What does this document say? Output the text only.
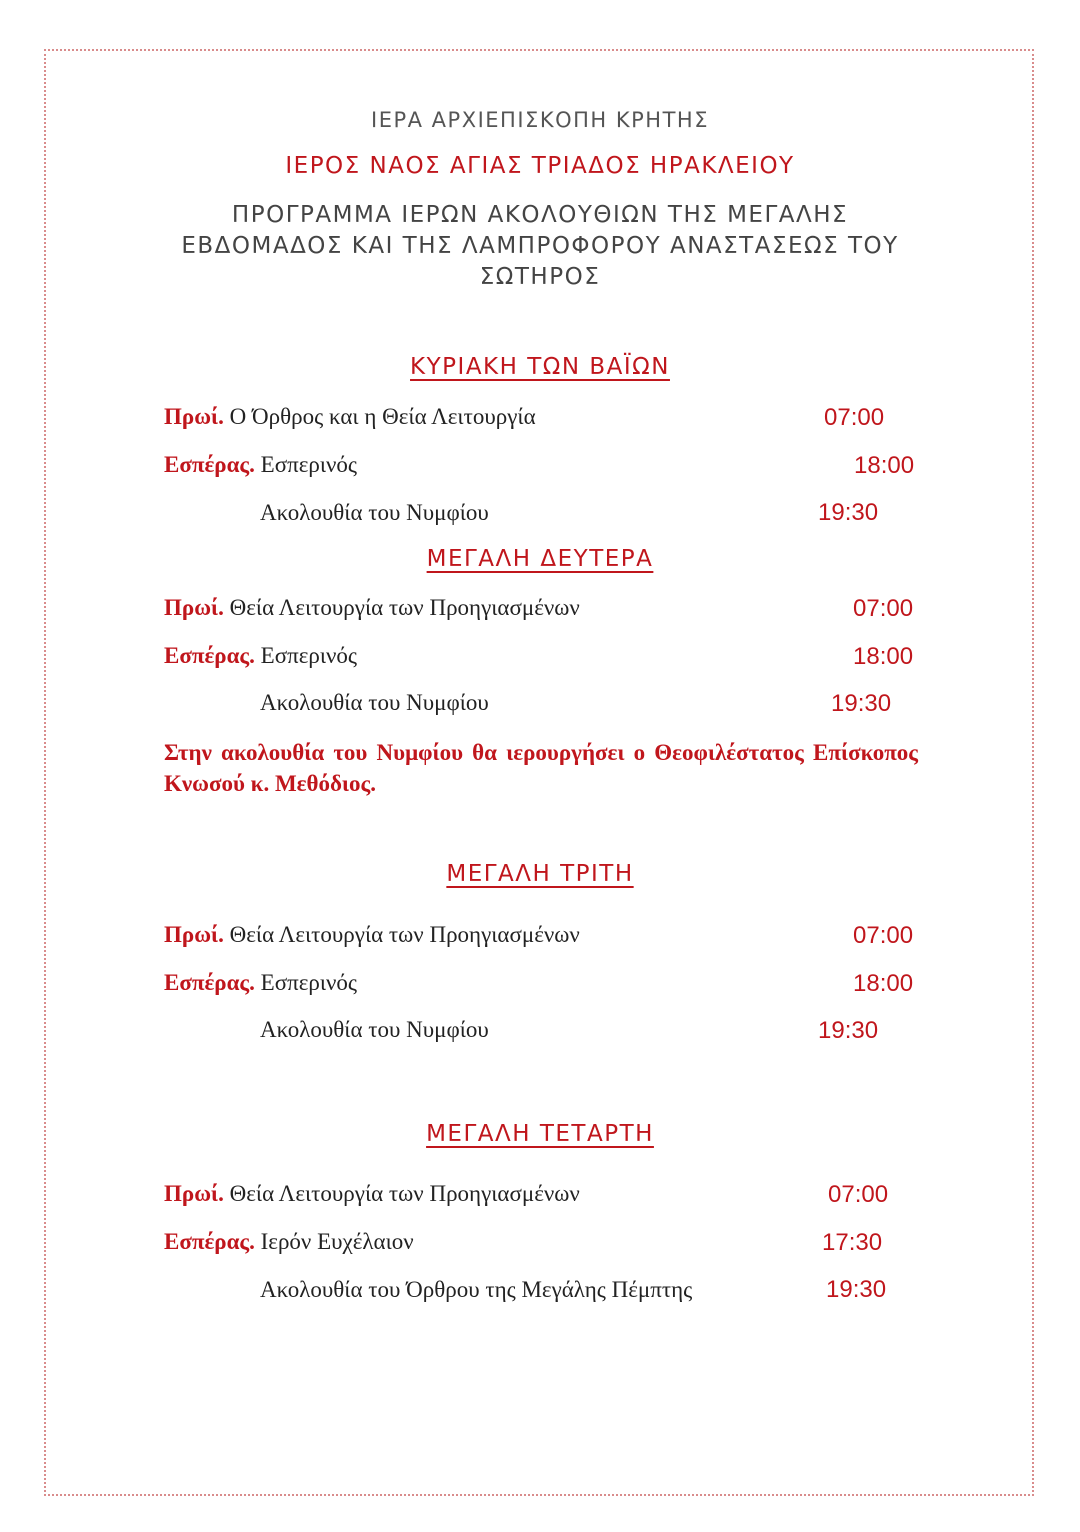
ΙΕΡΑ ΑΡΧΙΕΠΙΣΚΟΠΗ ΚΡΗΤΗΣ
ΙΕΡΟΣ ΝΑΟΣ ΑΓΙΑΣ ΤΡΙΑΔΟΣ ΗΡΑΚΛΕΙΟΥ
ΠΡΟΓΡΑΜΜΑ ΙΕΡΩΝ ΑΚΟΛΟΥΘΙΩΝ ΤΗΣ ΜΕΓΑΛΗΣ
ΕΒΔΟΜΑΔΟΣ ΚΑΙ ΤΗΣ ΛΑΜΠΡΟΦΟΡΟΥ ΑΝΑΣΤΑΣΕΩΣ ΤΟΥ
ΣΩΤΗΡΟΣ
ΚΥΡΙΑΚΗ ΤΩΝ ΒΑΪΩΝ
Πρωί. Ο Όρθρος και η Θεία Λειτουργία	07:00
Εσπέρας. Εσπερινός	18:00
Ακολουθία του Νυμφίου	19:30
ΜΕΓΑΛΗ ΔΕΥΤΕΡΑ
Πρωί. Θεία Λειτουργία των Προηγιασμένων	07:00
Εσπέρας. Εσπερινός	18:00
Ακολουθία του Νυμφίου	19:30
Στην ακολουθία του Νυμφίου θα ιερουργήσει ο Θεοφιλέστατος Επίσκοπος Κνωσού κ. Μεθόδιος.
ΜΕΓΑΛΗ ΤΡΙΤΗ
Πρωί. Θεία Λειτουργία των Προηγιασμένων	07:00
Εσπέρας. Εσπερινός	18:00
Ακολουθία του Νυμφίου	19:30
ΜΕΓΑΛΗ ΤΕΤΑΡΤΗ
Πρωί. Θεία Λειτουργία των Προηγιασμένων	07:00
Εσπέρας. Ιερόν Ευχέλαιον	17:30
Ακολουθία του Όρθρου της Μεγάλης Πέμπτης	19:30
